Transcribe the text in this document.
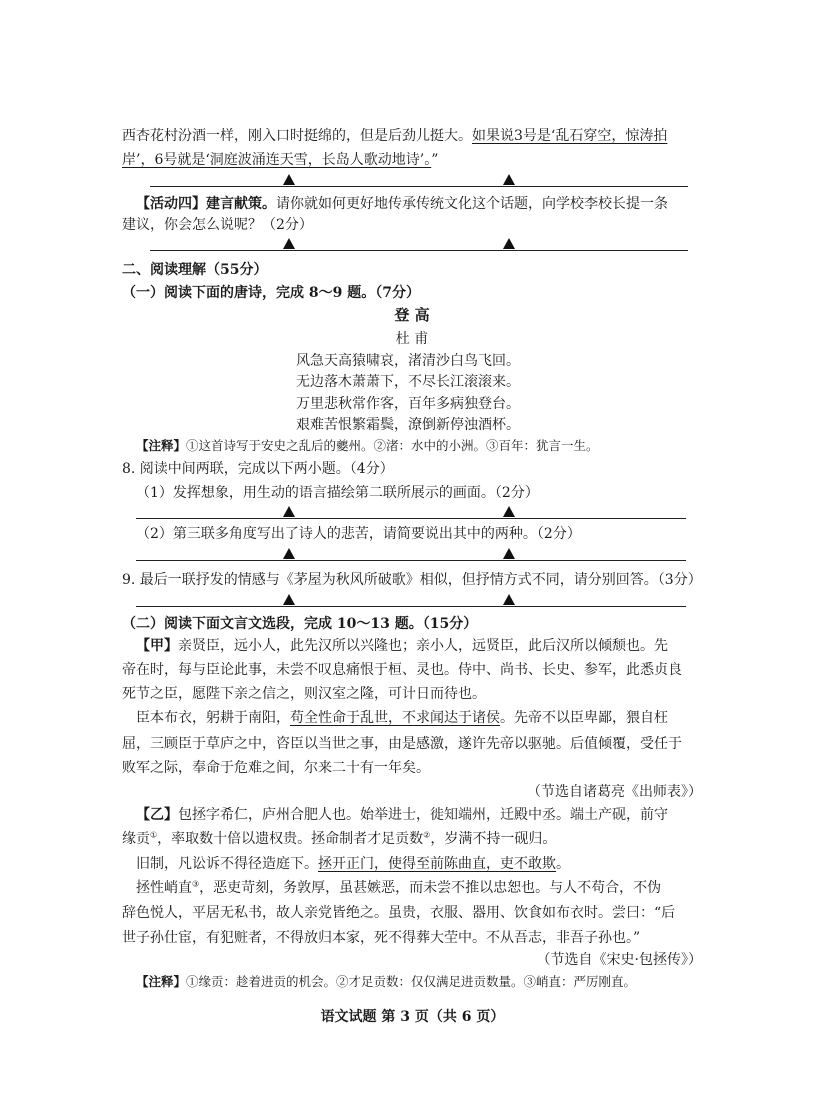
西杏花村汾酒一样，刚入口时挺绵的，但是后劲儿挺大。如果说3号是‘乱石穿空，惊涛拍
岸’，6号就是‘洞庭波涌连天雪，长岛人歌动地诗’。”
【活动四】建言献策。请你就如何更好地传承传统文化这个话题，向学校李校长提一条
建议，你会怎么说呢？（2分）
二、阅读理解（55分）
（一）阅读下面的唐诗，完成 8～9 题。（7分）
登 高
杜 甫
风急天高猿啸哀，渚清沙白鸟飞回。
无边落木萧萧下，不尽长江滚滚来。
万里悲秋常作客，百年多病独登台。
艰难苦恨繁霜鬓，潦倒新停浊酒杯。
【注释】①这首诗写于安史之乱后的夔州。②渚：水中的小洲。③百年：犹言一生。
8. 阅读中间两联，完成以下两小题。（4分）
（1）发挥想象，用生动的语言描绘第二联所展示的画面。（2分）
（2）第三联多角度写出了诗人的悲苦，请简要说出其中的两种。（2分）
9. 最后一联抒发的情感与《茅屋为秋风所破歌》相似，但抒情方式不同，请分别回答。（3分）
（二）阅读下面文言文选段，完成 10～13 题。（15分）
【甲】亲贤臣，远小人，此先汉所以兴隆也；亲小人，远贤臣，此后汉所以倾颓也。先
帝在时，每与臣论此事，未尝不叹息痛恨于桓、灵也。侍中、尚书、长史、参军，此悉贞良
死节之臣，愿陛下亲之信之，则汉室之隆，可计日而待也。
臣本布衣，躬耕于南阳，苟全性命于乱世，不求闻达于诸侯。先帝不以臣卑鄙，猥自枉
屈，三顾臣于草庐之中，咨臣以当世之事，由是感激，遂许先帝以驱驰。后值倾覆，受任于
败军之际，奉命于危难之间，尔来二十有一年矣。
（节选自诸葛亮《出师表》）
【乙】包拯字希仁，庐州合肥人也。始举进士，徙知端州，迁殿中丞。端土产砚，前守
缘贡①，率取数十倍以遗权贵。拯命制者才足贡数②，岁满不持一砚归。
旧制，凡讼诉不得径造庭下。拯开正门，使得至前陈曲直，吏不敢欺。
拯性峭直③，恶吏苛刻，务敦厚，虽甚嫉恶，而未尝不推以忠恕也。与人不苟合，不伪
辞色悦人，平居无私书，故人亲党皆绝之。虽贵，衣服、器用、饮食如布衣时。尝曰：“后
世子孙仕宦，有犯赃者，不得放归本家，死不得葬大茔中。不从吾志，非吾子孙也。”
（节选自《宋史·包拯传》）
【注释】①缘贡：趁着进贡的机会。②才足贡数：仅仅满足进贡数量。③峭直：严厉刚直。
语文试题 第 3 页（共 6 页）
